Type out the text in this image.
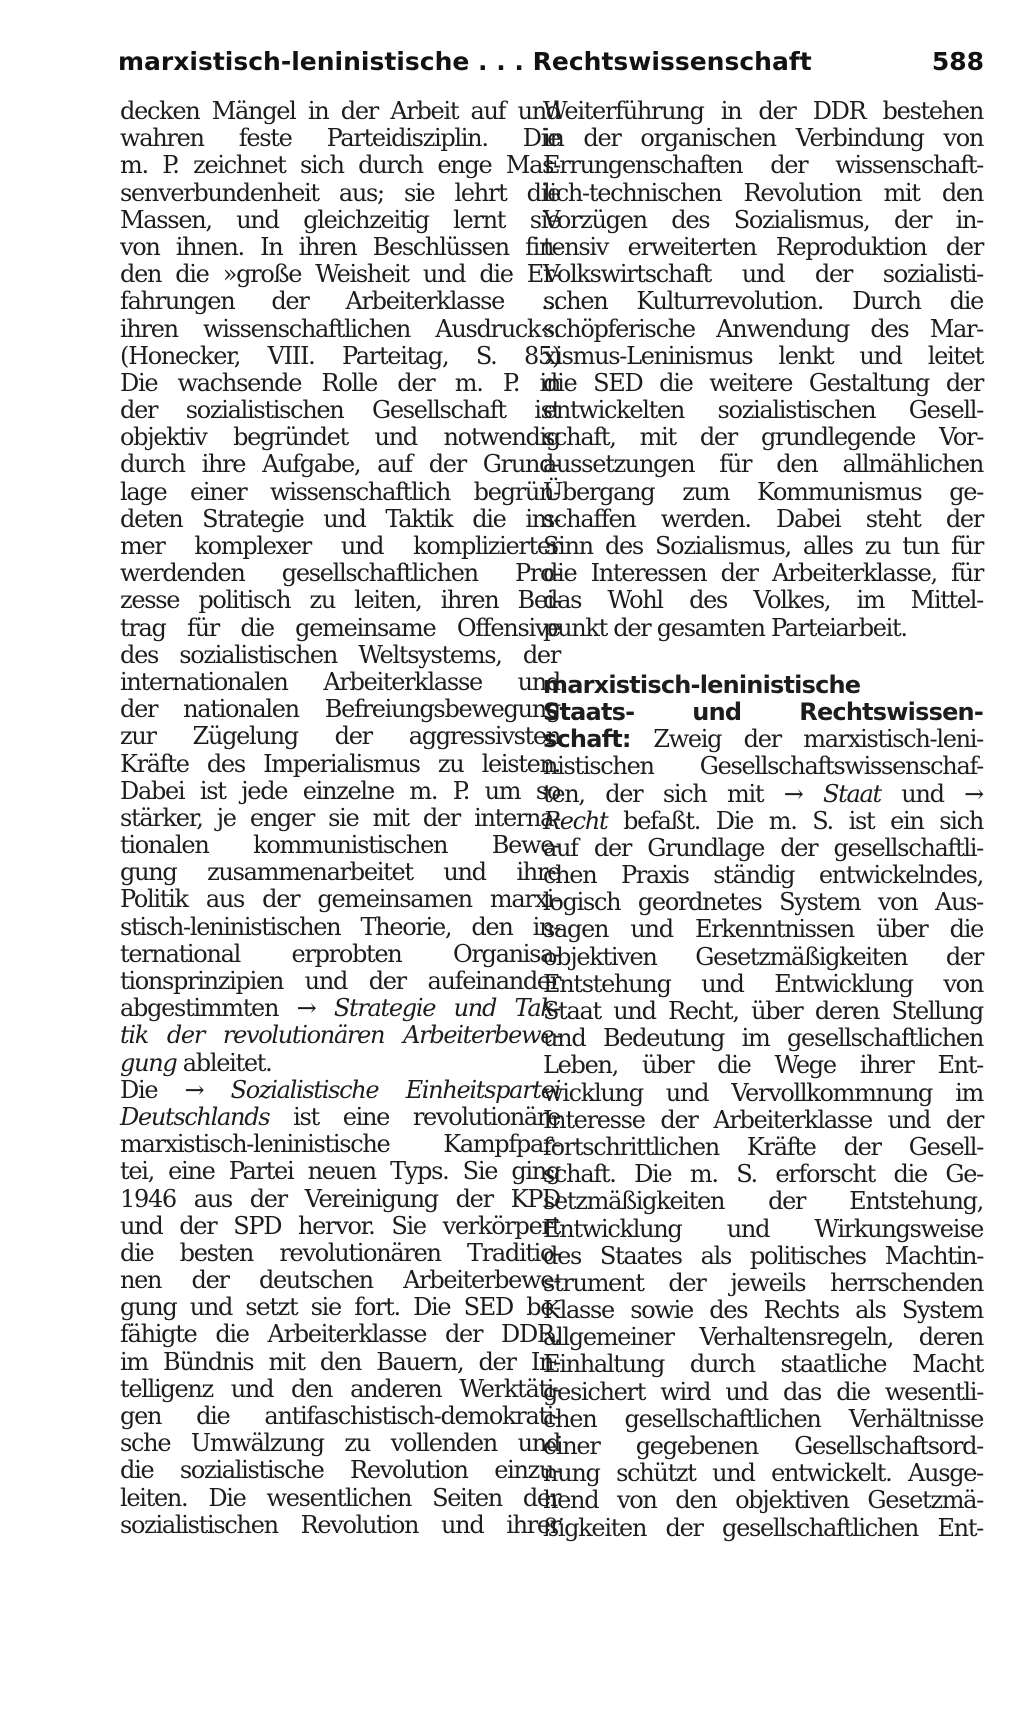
marxistisch-leninistische . . . Rechtswissenschaft	588
decken Mängel in der Arbeit auf und
wahren feste Parteidisziplin. Die
m. P. zeichnet sich durch enge Mas-
senverbundenheit aus; sie lehrt die
Massen, und gleichzeitig lernt sie
von ihnen. In ihren Beschlüssen fin-
den die »große Weisheit und die Er-
fahrungen der Arbeiterklasse ...
ihren wissenschaftlichen Ausdruck«.
(Honecker, VIII. Parteitag, S. 85)
Die wachsende Rolle der m. P. in
der sozialistischen Gesellschaft ist
objektiv begründet und notwendig
durch ihre Aufgabe, auf der Grund-
lage einer wissenschaftlich begrün-
deten Strategie und Taktik die im-
mer komplexer und komplizierter
werdenden gesellschaftlichen Pro-
zesse politisch zu leiten, ihren Bei-
trag für die gemeinsame Offensive
des sozialistischen Weltsystems, der
internationalen Arbeiterklasse und
der nationalen Befreiungsbewegung
zur Zügelung der aggressivsten
Kräfte des Imperialismus zu leisten.
Dabei ist jede einzelne m. P. um so
stärker, je enger sie mit der interna-
tionalen kommunistischen Bewe-
gung zusammenarbeitet und ihre
Politik aus der gemeinsamen marxi-
stisch-leninistischen Theorie, den in-
ternational erprobten Organisa-
tionsprinzipien und der aufeinander
abgestimmten → Strategie und Tak-
tik der revolutionären Arbeiterbewe-
gung ableitet.
Die → Sozialistische Einheitspartei
Deutschlands ist eine revolutionäre
marxistisch-leninistische Kampfpar-
tei, eine Partei neuen Typs. Sie ging
1946 aus der Vereinigung der KPD
und der SPD hervor. Sie verkörpert
die besten revolutionären Traditio-
nen der deutschen Arbeiterbewe-
gung und setzt sie fort. Die SED be-
fähigte die Arbeiterklasse der DDR,
im Bündnis mit den Bauern, der In-
telligenz und den anderen Werktäti-
gen die antifaschistisch-demokrati-
sche Umwälzung zu vollenden und
die sozialistische Revolution einzu-
leiten. Die wesentlichen Seiten der
sozialistischen Revolution und ihrer
Weiterführung in der DDR bestehen
in der organischen Verbindung von
Errungenschaften der wissenschaft-
lich-technischen Revolution mit den
Vorzügen des Sozialismus, der in-
tensiv erweiterten Reproduktion der
Volkswirtschaft und der sozialisti-
schen Kulturrevolution. Durch die
schöpferische Anwendung des Mar-
xismus-Leninismus lenkt und leitet
die SED die weitere Gestaltung der
entwickelten sozialistischen Gesell-
schaft, mit der grundlegende Vor-
aussetzungen für den allmählichen
Übergang zum Kommunismus ge-
schaffen werden. Dabei steht der
Sinn des Sozialismus, alles zu tun für
die Interessen der Arbeiterklasse, für
das Wohl des Volkes, im Mittel-
punkt der gesamten Parteiarbeit.
marxistisch-leninistische
Staats- und Rechtswissen-
schaft: Zweig der marxistisch-leni-
nistischen Gesellschaftswissenschaf-
ten, der sich mit → Staat und →
Recht befaßt. Die m. S. ist ein sich
auf der Grundlage der gesellschaftli-
chen Praxis ständig entwickelndes,
logisch geordnetes System von Aus-
sagen und Erkenntnissen über die
objektiven Gesetzmäßigkeiten der
Entstehung und Entwicklung von
Staat und Recht, über deren Stellung
und Bedeutung im gesellschaftlichen
Leben, über die Wege ihrer Ent-
wicklung und Vervollkommnung im
Interesse der Arbeiterklasse und der
fortschrittlichen Kräfte der Gesell-
schaft. Die m. S. erforscht die Ge-
setzmäßigkeiten der Entstehung,
Entwicklung und Wirkungsweise
des Staates als politisches Machtin-
strument der jeweils herrschenden
Klasse sowie des Rechts als System
allgemeiner Verhaltensregeln, deren
Einhaltung durch staatliche Macht
gesichert wird und das die wesentli-
chen gesellschaftlichen Verhältnisse
einer gegebenen Gesellschaftsord-
nung schützt und entwickelt. Ausge-
hend von den objektiven Gesetzmä-
ßigkeiten der gesellschaftlichen Ent-
